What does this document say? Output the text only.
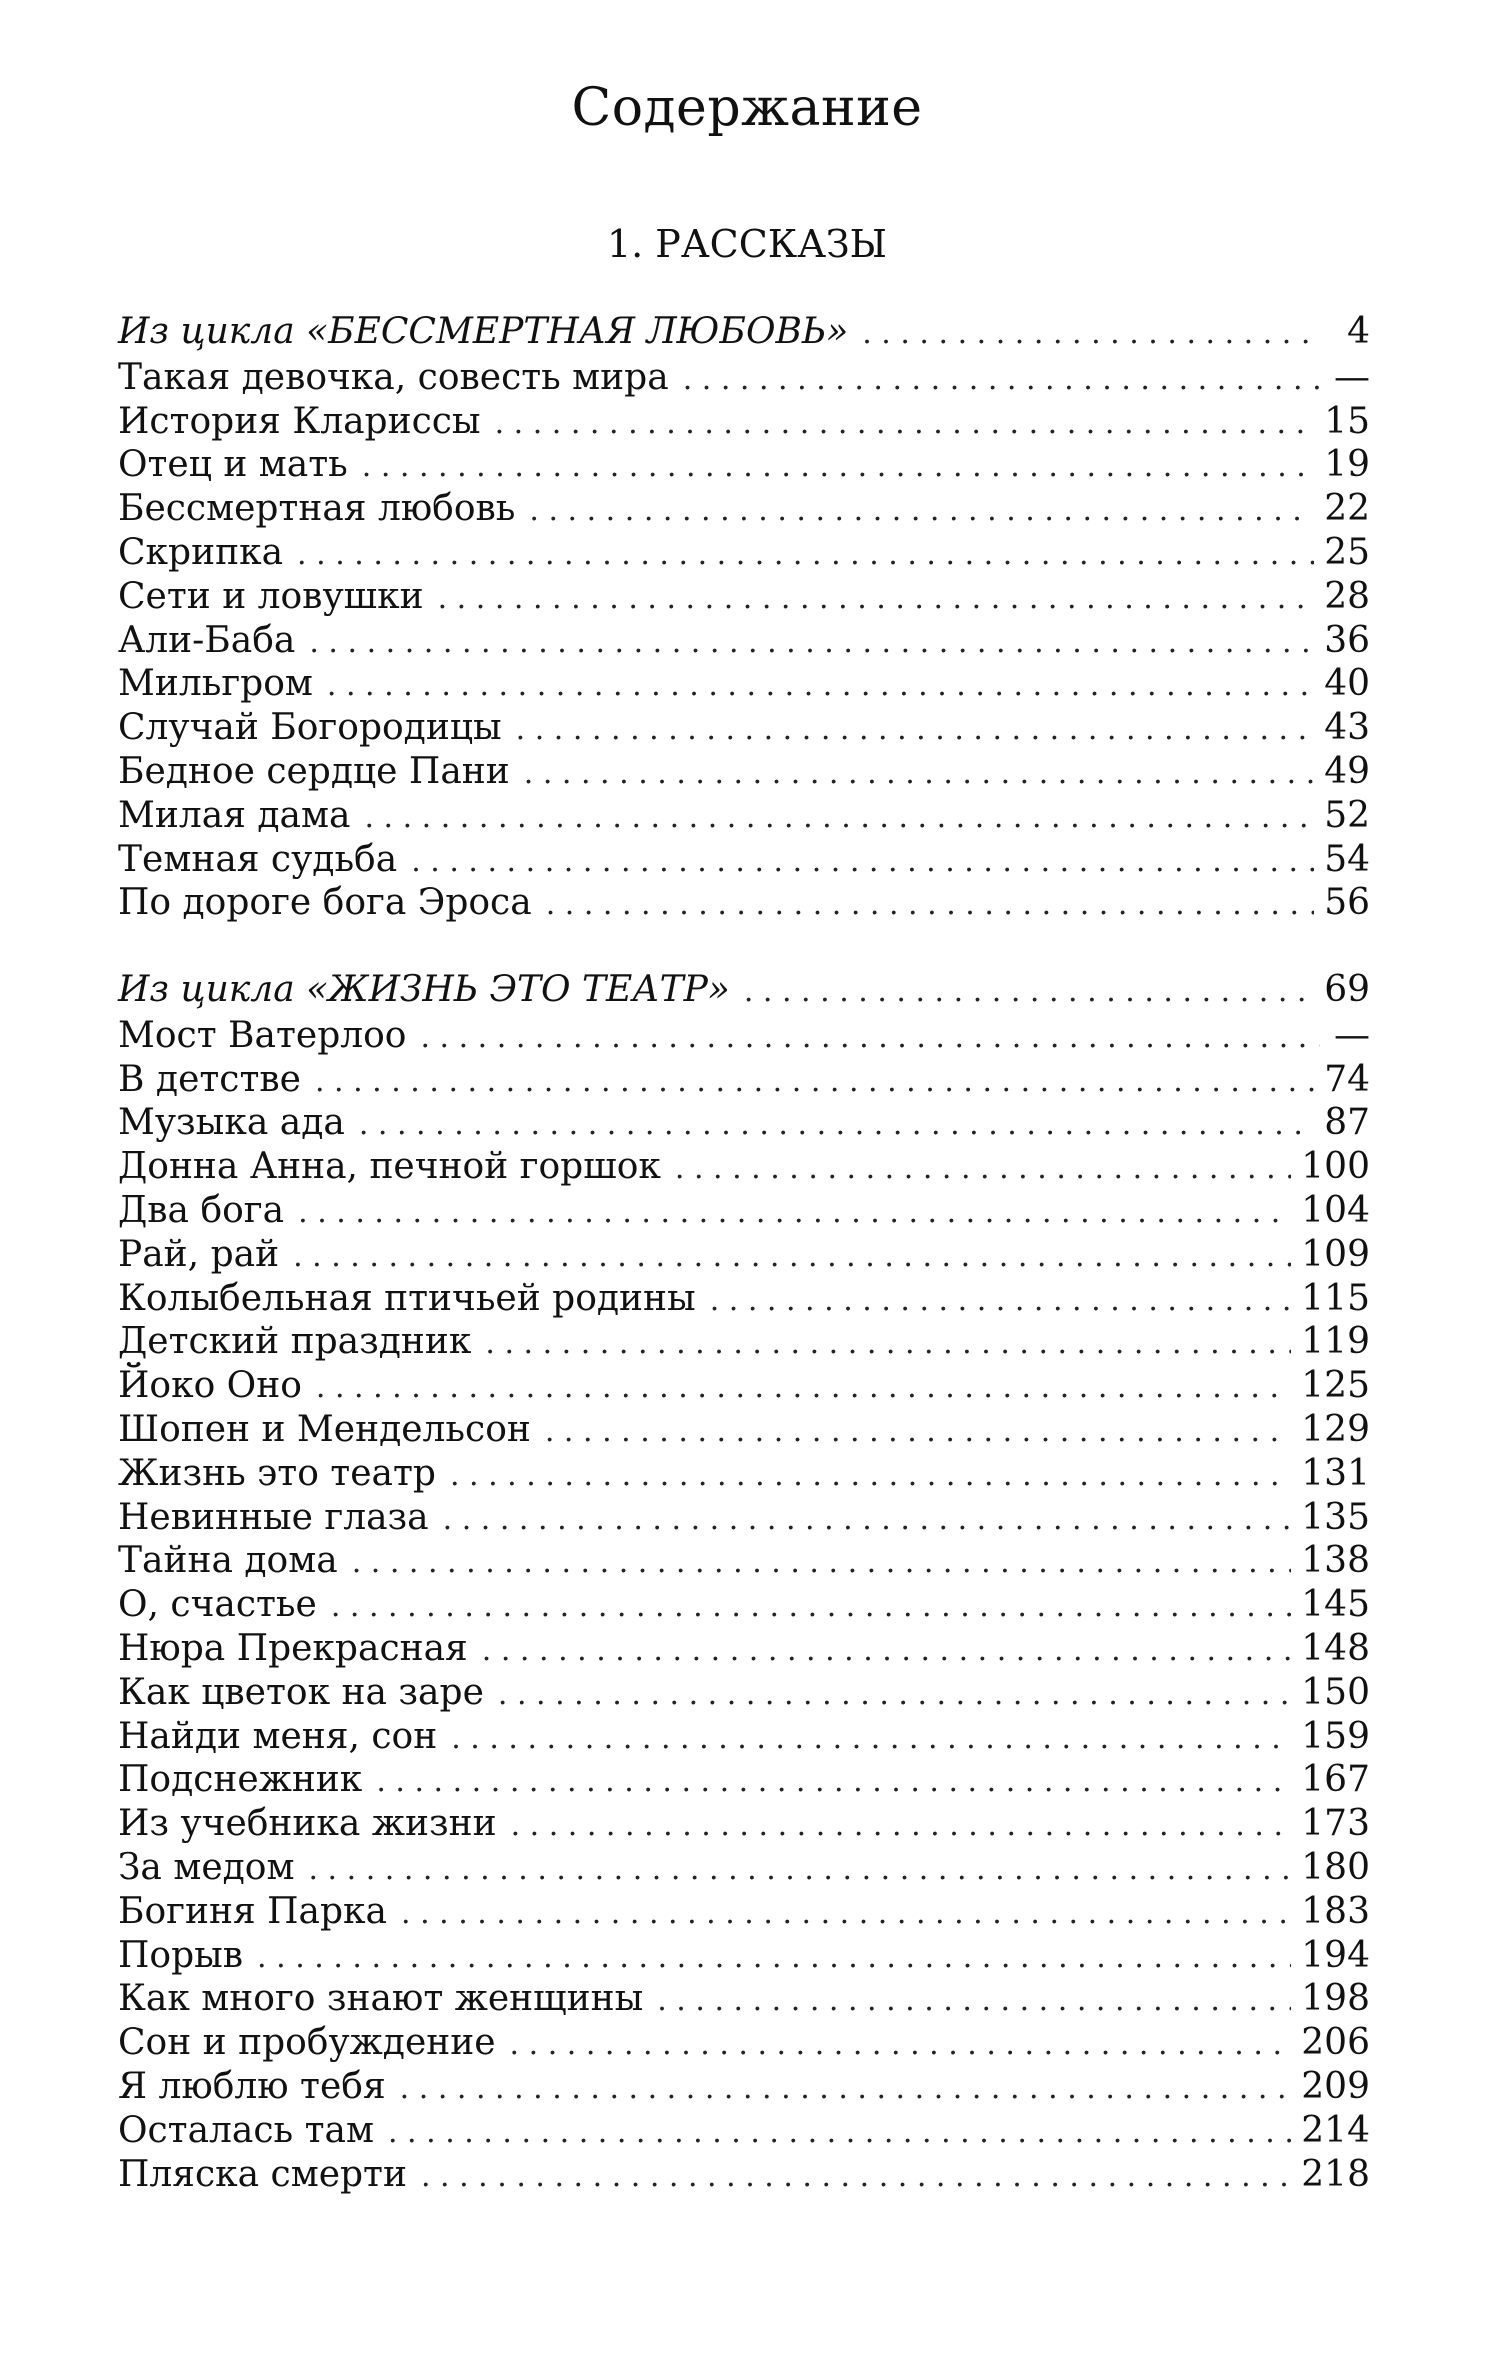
Содержание
1. РАССКАЗЫ
Из цикла «БЕССМЕРТНАЯ ЛЮБОВЬ» . . .	4
Такая девочка, совесть мира . . .	—
История Клариссы . . .	15
Отец и мать . . .	19
Бессмертная любовь . . .	22
Скрипка . . .	25
Сети и ловушки . . .	28
Али-Баба . . .	36
Мильгром . . .	40
Случай Богородицы . . .	43
Бедное сердце Пани . . .	49
Милая дама . . .	52
Темная судьба . . .	54
По дороге бога Эроса . . .	56
Из цикла «ЖИЗНЬ ЭТО ТЕАТР» . . .	69
Мост Ватерлоо . . .	—
В детстве . . .	74
Музыка ада . . .	87
Донна Анна, печной горшок . . .	100
Два бога . . .	104
Рай, рай . . .	109
Колыбельная птичьей родины . . .	115
Детский праздник . . .	119
Йоко Оно . . .	125
Шопен и Мендельсон . . .	129
Жизнь это театр . . .	131
Невинные глаза . . .	135
Тайна дома . . .	138
О, счастье . . .	145
Нюра Прекрасная . . .	148
Как цветок на заре . . .	150
Найди меня, сон . . .	159
Подснежник . . .	167
Из учебника жизни . . .	173
За медом . . .	180
Богиня Парка . . .	183
Порыв . . .	194
Как много знают женщины . . .	198
Сон и пробуждение . . .	206
Я люблю тебя . . .	209
Осталась там . . .	214
Пляска смерти . . .	218
